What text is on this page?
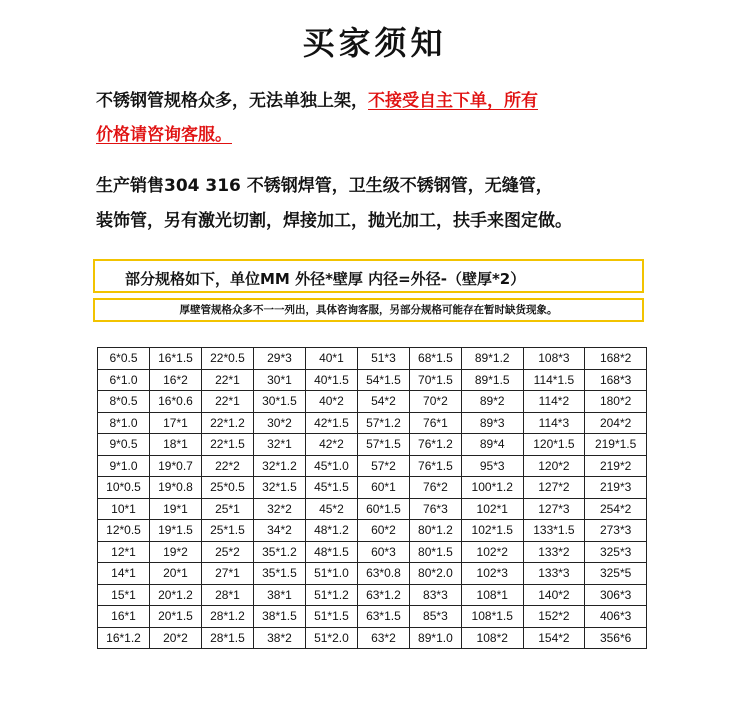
买家须知
不锈钢管规格众多，无法单独上架，不接受自主下单，所有
价格请咨询客服。
生产销售304 316 不锈钢焊管，卫生级不锈钢管，无缝管，
装饰管，另有激光切割，焊接加工，抛光加工，扶手来图定做。
部分规格如下，单位MM 外径*壁厚 内径=外径-（壁厚*2）
厚壁管规格众多不一一列出，具体咨询客服，另部分规格可能存在暂时缺货现象。
6*0.5	16*1.5	22*0.5	29*3	40*1	51*3	68*1.5	89*1.2	108*3	168*2
6*1.0	16*2	22*1	30*1	40*1.5	54*1.5	70*1.5	89*1.5	114*1.5	168*3
8*0.5	16*0.6	22*1	30*1.5	40*2	54*2	70*2	89*2	114*2	180*2
8*1.0	17*1	22*1.2	30*2	42*1.5	57*1.2	76*1	89*3	114*3	204*2
9*0.5	18*1	22*1.5	32*1	42*2	57*1.5	76*1.2	89*4	120*1.5	219*1.5
9*1.0	19*0.7	22*2	32*1.2	45*1.0	57*2	76*1.5	95*3	120*2	219*2
10*0.5	19*0.8	25*0.5	32*1.5	45*1.5	60*1	76*2	100*1.2	127*2	219*3
10*1	19*1	25*1	32*2	45*2	60*1.5	76*3	102*1	127*3	254*2
12*0.5	19*1.5	25*1.5	34*2	48*1.2	60*2	80*1.2	102*1.5	133*1.5	273*3
12*1	19*2	25*2	35*1.2	48*1.5	60*3	80*1.5	102*2	133*2	325*3
14*1	20*1	27*1	35*1.5	51*1.0	63*0.8	80*2.0	102*3	133*3	325*5
15*1	20*1.2	28*1	38*1	51*1.2	63*1.2	83*3	108*1	140*2	306*3
16*1	20*1.5	28*1.2	38*1.5	51*1.5	63*1.5	85*3	108*1.5	152*2	406*3
16*1.2	20*2	28*1.5	38*2	51*2.0	63*2	89*1.0	108*2	154*2	356*6
